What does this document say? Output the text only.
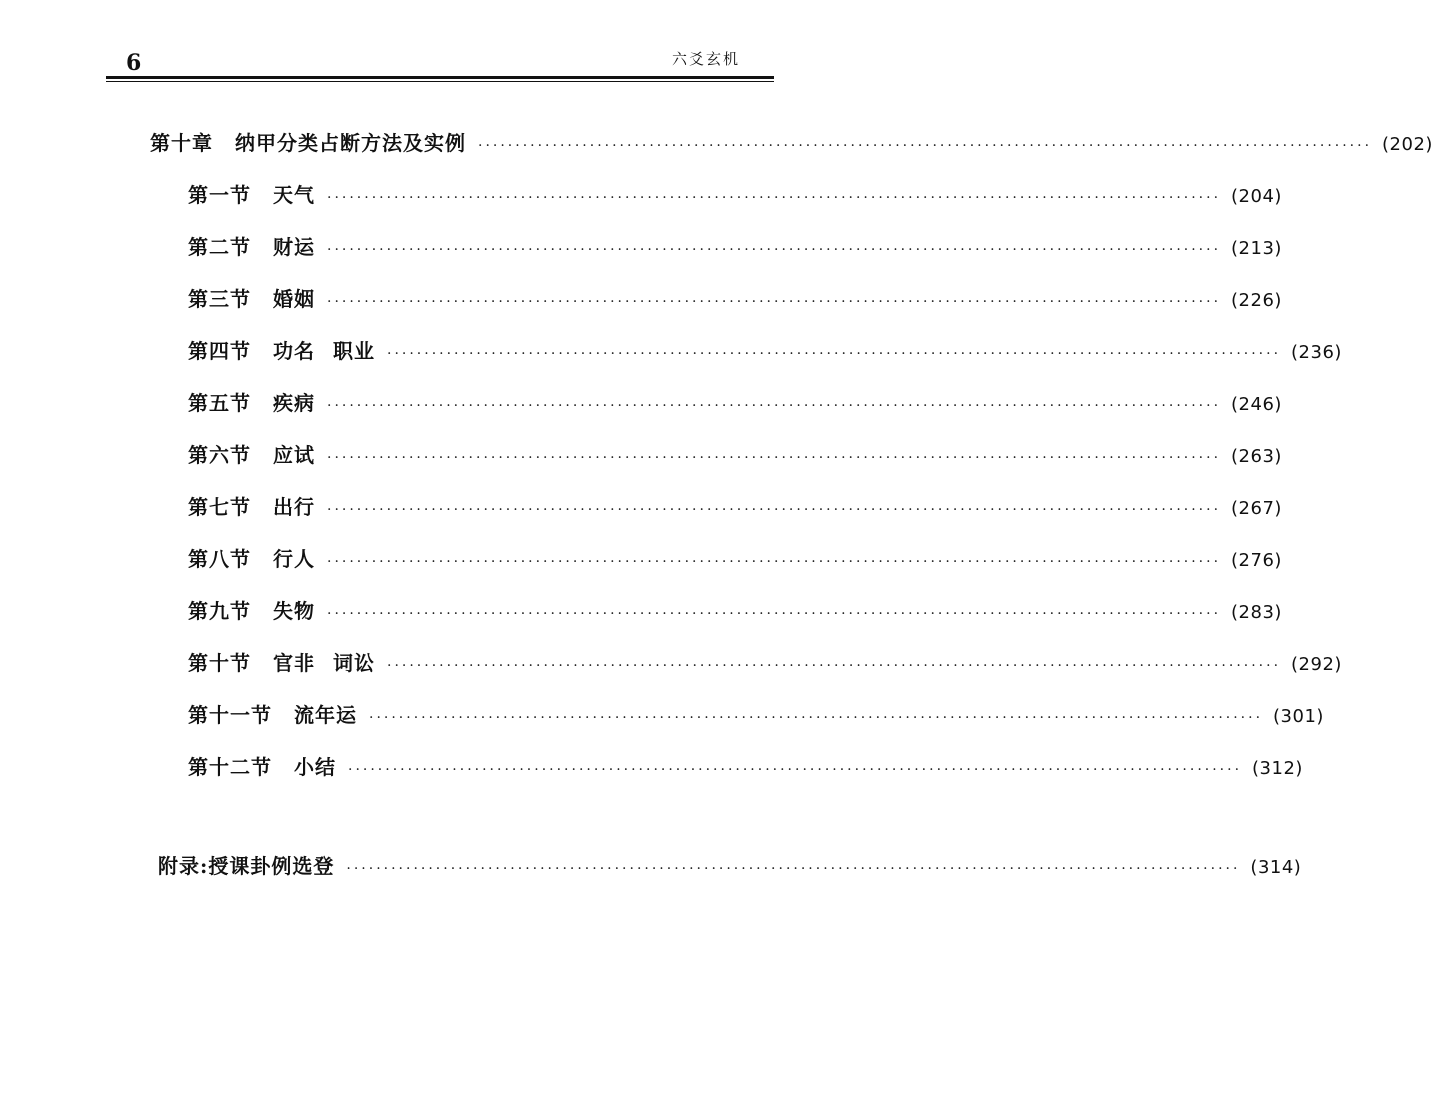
6	六爻玄机
第十章 纳甲分类占断方法及实例 ························································································································ (202)
第一节 天气 ························································································································ (204)
第二节 财运 ························································································································ (213)
第三节 婚姻 ························································································································ (226)
第四节 功名 职业 ························································································································ (236)
第五节 疾病 ························································································································ (246)
第六节 应试 ························································································································ (263)
第七节 出行 ························································································································ (267)
第八节 行人 ························································································································ (276)
第九节 失物 ························································································································ (283)
第十节 官非 词讼 ························································································································ (292)
第十一节 流年运 ························································································································ (301)
第十二节 小结 ························································································································ (312)
附录:授课卦例选登 ························································································································ (314)
